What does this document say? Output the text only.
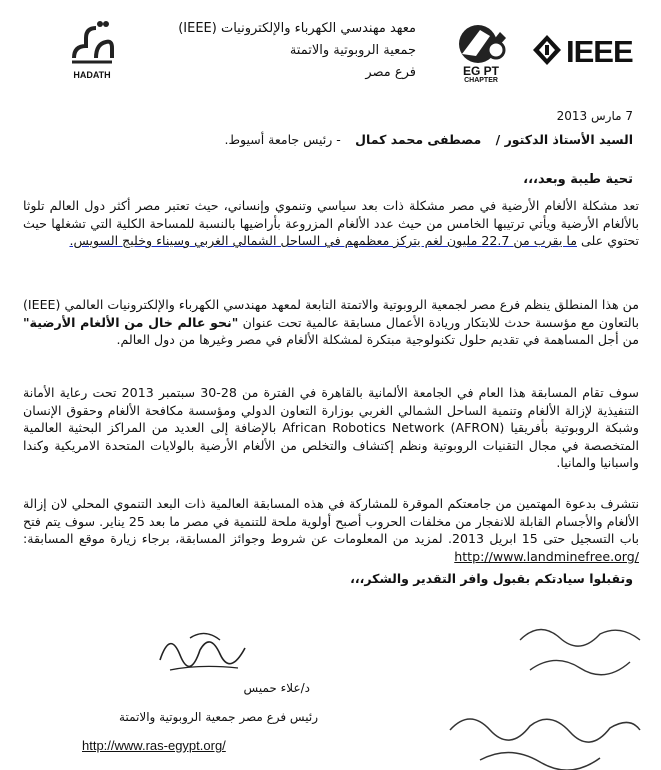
IEEE
EG PT
CHAPTER
معهد مهندسي الكهرباء والإلكترونيات (IEEE)
جمعية الروبوتية والاتمتة
فرع مصر
HADATH
7 مارس 2013
السيد الأستاذ الدكتور / مصطفى محمد كمال - رئيس جامعة أسيوط.
تحية طيبة وبعد،،،

تعد مشكلة الألغام الأرضية في مصر مشكلة ذات بعد سياسي وتنموي وإنساني، حيث تعتبر مصر أكثر دول العالم تلوثا بالألغام الأرضية ويأتي ترتيبها الخامس من حيث عدد الألغام المزروعة بأراضيها بالنسبة للمساحة الكلية التي تشغلها حيث تحتوي على ما يقرب من 22.7 مليون لغم يتركز معظمهم في الساحل الشمالي الغربي وسيناء وخليج السويس.

من هذا المنطلق ينظم فرع مصر لجمعية الروبوتية والاتمتة التابعة لمعهد مهندسي الكهرباء والإلكترونيات العالمي (IEEE) بالتعاون مع مؤسسة حدث للابتكار وريادة الأعمال مسابقة عالمية تحت عنوان "نحو عالم خال من الألغام الأرضية" من أجل المساهمة في تقديم حلول تكنولوجية مبتكرة لمشكلة الألغام في مصر وغيرها من دول العالم.

سوف تقام المسابقة هذا العام في الجامعة الألمانية بالقاهرة في الفترة من 28-30 سبتمبر 2013 تحت رعاية الأمانة التنفيذية لإزالة الألغام وتنمية الساحل الشمالي الغربي بوزارة التعاون الدولي ومؤسسة مكافحة الألغام وحقوق الإنسان وشبكة الروبوتية بأفريقيا African Robotics Network (AFRON) بالإضافة إلى العديد من المراكز البحثية العالمية المتخصصة في مجال التقنيات الروبوتية ونظم إكتشاف والتخلص من الألغام الأرضية بالولايات المتحدة الامريكية وكندا واسبانيا والمانيا.

نتشرف بدعوة المهتمين من جامعتكم الموقرة للمشاركة في هذه المسابقة العالمية ذات البعد التنموي المحلي لان إزالة الألغام والأجسام القابلة للانفجار من مخلفات الحروب أصبح أولوية ملحة للتنمية في مصر ما بعد 25 يناير. سوف يتم فتح باب التسجيل حتى 15 ابريل 2013. لمزيد من المعلومات عن شروط وجوائز المسابقة، برجاء زيارة موقع المسابقة: http://www.landminefree.org/

وتقبلوا سيادتكم بقبول وافر التقدير والشكر،،،
د/علاء حميس
رئيس فرع مصر جمعية الروبوتية والاتمتة
http://www.ras-egypt.org/
